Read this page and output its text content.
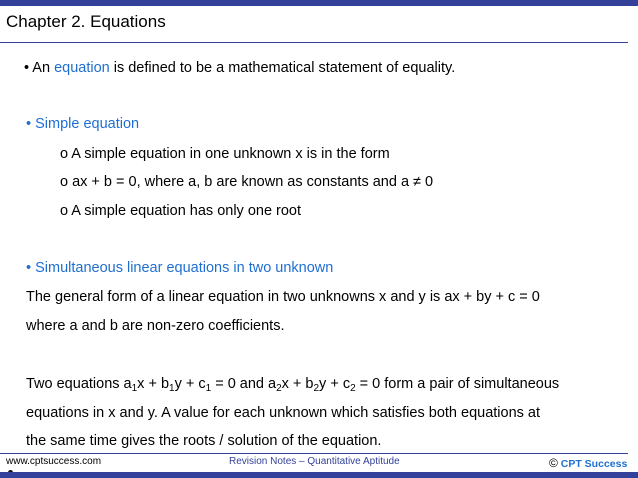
Chapter 2. Equations
• An equation is defined to be a mathematical statement of equality.
• Simple equation
o A simple equation in one unknown x is in the form
o ax + b = 0, where a, b are known as constants and a ≠ 0
o A simple equation has only one root
• Simultaneous linear equations in two unknown
The general form of a linear equation in two unknowns x and y is ax + by + c = 0
where a and b are non-zero coefficients.
Two equations $a_1x + b_1y + c_1 = 0$ and $a_2x + b_2y + c_2 = 0$ form a pair of simultaneous
equations in x and y. A value for each unknown which satisfies both equations at
the same time gives the roots / solution of the equation.
www.cptsuccess.com	Revision Notes – Quantitative Aptitude	© CPT Success
